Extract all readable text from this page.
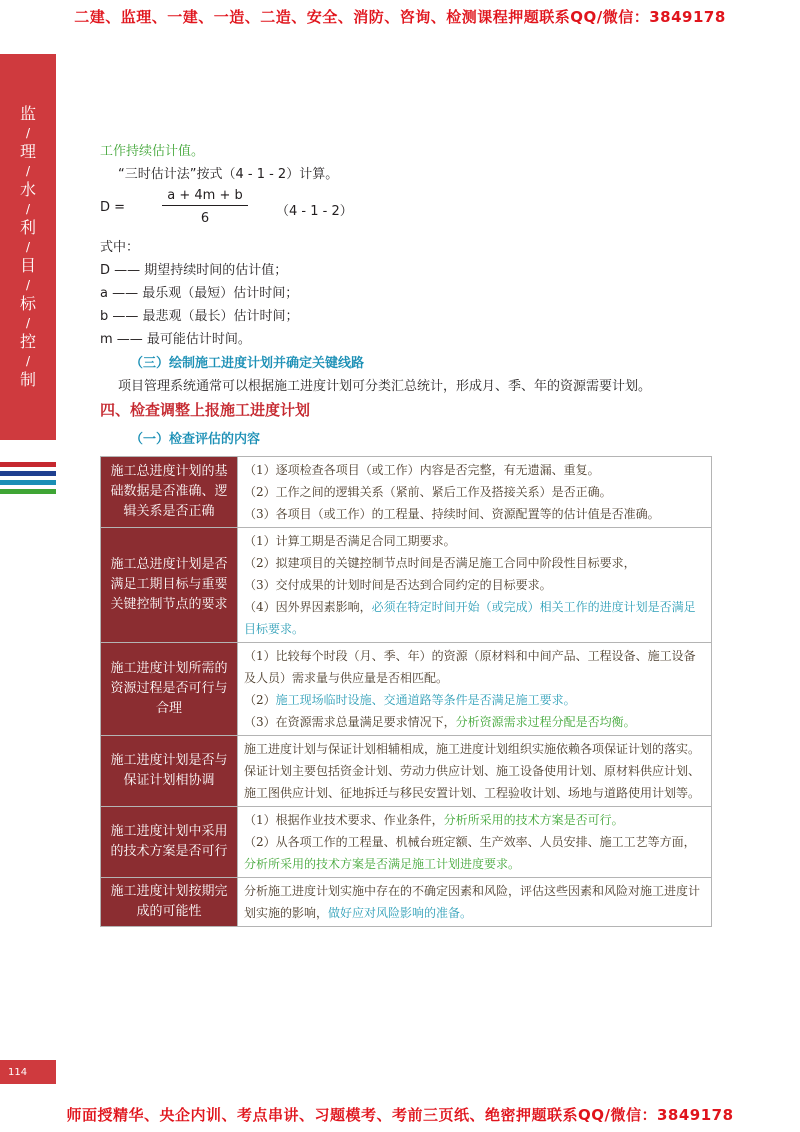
二建、监理、一建、一造、二造、安全、消防、咨询、检测课程押题联系QQ/微信：3849178
监
/
理
/
水
/
利
/
目
/
标
/
控
/
制
工作持续估计值。
“三时估计法”按式（4 - 1 - 2）计算。
D =	$\frac{a + 4m + b}{6} (4 - 1 - 2)$
式中：
D —— 期望持续时间的估计值；
a —— 最乐观（最短）估计时间；
b —— 最悲观（最长）估计时间；
m —— 最可能估计时间。
（三）绘制施工进度计划并确定关键线路
项目管理系统通常可以根据施工进度计划可分类汇总统计，形成月、季、年的资源需要计划。
四、检查调整上报施工进度计划
（一）检查评估的内容
施工总进度计划的基础数据是否准确、逻辑关系是否正确	（1）逐项检查各项目（或工作）内容是否完整，有无遗漏、重复。
（2）工作之间的逻辑关系（紧前、紧后工作及搭接关系）是否正确。
（3）各项目（或工作）的工程量、持续时间、资源配置等的估计值是否准确。

施工总进度计划是否满足工期目标与重要关键控制节点的要求	（1）计算工期是否满足合同工期要求。
（2）拟建项目的关键控制节点时间是否满足施工合同中阶段性目标要求，
（3）交付成果的计划时间是否达到合同约定的目标要求。
（4）因外界因素影响，必须在特定时间开始（或完成）相关工作的进度计划是否满足目标要求。

施工进度计划所需的资源过程是否可行与合理	（1）比较每个时段（月、季、年）的资源（原材料和中间产品、工程设备、施工设备及人员）需求量与供应量是否相匹配。
（2）施工现场临时设施、交通道路等条件是否满足施工要求。
（3）在资源需求总量满足要求情况下，分析资源需求过程分配是否均衡。

施工进度计划是否与保证计划相协调	施工进度计划与保证计划相辅相成，施工进度计划组织实施依赖各项保证计划的落实。保证计划主要包括资金计划、劳动力供应计划、施工设备使用计划、原材料供应计划、施工图供应计划、征地拆迁与移民安置计划、工程验收计划、场地与道路使用计划等。

施工进度计划中采用的技术方案是否可行	（1）根据作业技术要求、作业条件，分析所采用的技术方案是否可行。
（2）从各项工作的工程量、机械台班定额、生产效率、人员安排、施工工艺等方面，分析所采用的技术方案是否满足施工计划进度要求。

施工进度计划按期完成的可能性	分析施工进度计划实施中存在的不确定因素和风险，评估这些因素和风险对施工进度计划实施的影响，做好应对风险影响的准备。
114
师面授精华、央企内训、考点串讲、习题模考、考前三页纸、绝密押题联系QQ/微信：3849178
